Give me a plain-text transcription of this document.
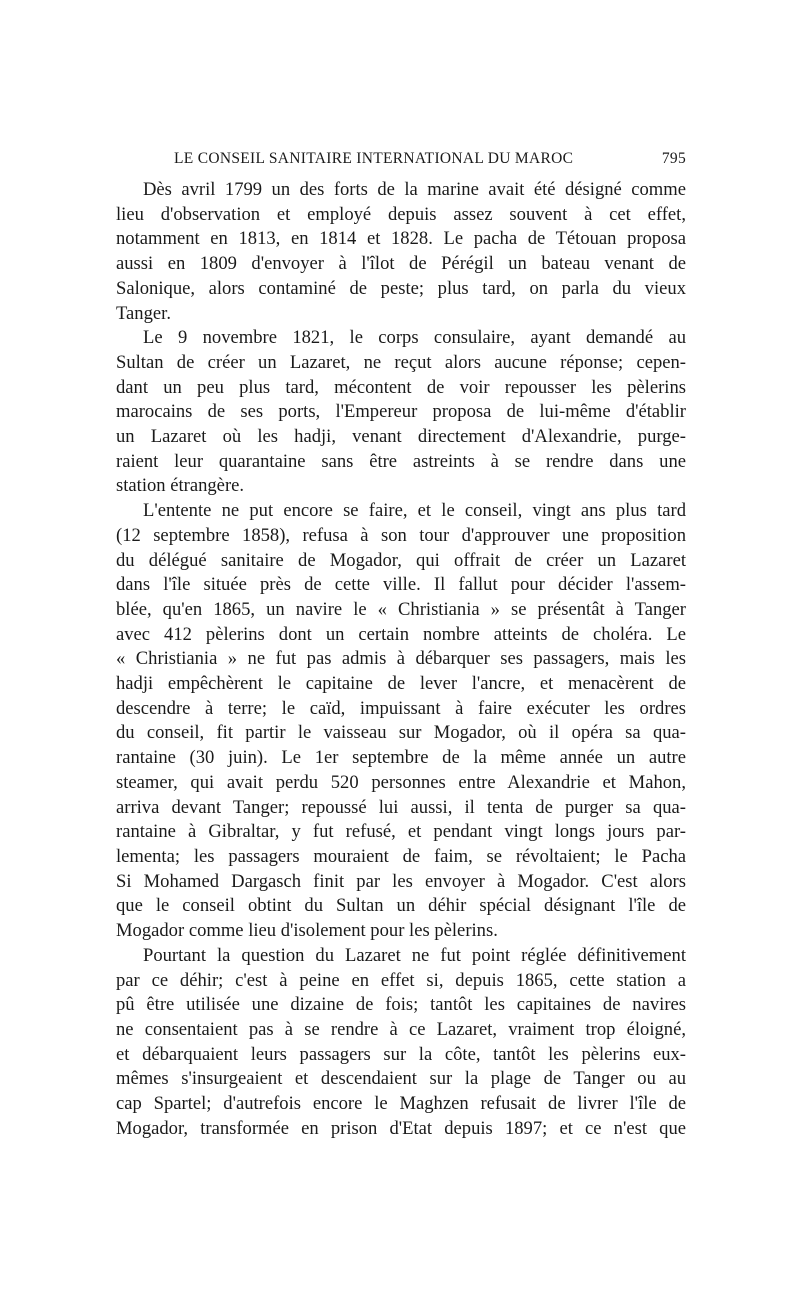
LE CONSEIL SANITAIRE INTERNATIONAL DU MAROC	795

Dès avril 1799 un des forts de la marine avait été désigné comme
lieu d'observation et employé depuis assez souvent à cet effet,
notamment en 1813, en 1814 et 1828. Le pacha de Tétouan proposa
aussi en 1809 d'envoyer à l'îlot de Pérégil un bateau venant de
Salonique, alors contaminé de peste; plus tard, on parla du vieux
Tanger.

Le 9 novembre 1821, le corps consulaire, ayant demandé au
Sultan de créer un Lazaret, ne reçut alors aucune réponse; cepen-
dant un peu plus tard, mécontent de voir repousser les pèlerins
marocains de ses ports, l'Empereur proposa de lui-même d'établir
un Lazaret où les hadji, venant directement d'Alexandrie, purge-
raient leur quarantaine sans être astreints à se rendre dans une
station étrangère.

L'entente ne put encore se faire, et le conseil, vingt ans plus tard
(12 septembre 1858), refusa à son tour d'approuver une proposition
du délégué sanitaire de Mogador, qui offrait de créer un Lazaret
dans l'île située près de cette ville. Il fallut pour décider l'assem-
blée, qu'en 1865, un navire le « Christiania » se présentât à Tanger
avec 412 pèlerins dont un certain nombre atteints de choléra. Le
« Christiania » ne fut pas admis à débarquer ses passagers, mais les
hadji empêchèrent le capitaine de lever l'ancre, et menacèrent de
descendre à terre; le caïd, impuissant à faire exécuter les ordres
du conseil, fit partir le vaisseau sur Mogador, où il opéra sa qua-
rantaine (30 juin). Le 1er septembre de la même année un autre
steamer, qui avait perdu 520 personnes entre Alexandrie et Mahon,
arriva devant Tanger; repoussé lui aussi, il tenta de purger sa qua-
rantaine à Gibraltar, y fut refusé, et pendant vingt longs jours par-
lementa; les passagers mouraient de faim, se révoltaient; le Pacha
Si Mohamed Dargasch finit par les envoyer à Mogador. C'est alors
que le conseil obtint du Sultan un déhir spécial désignant l'île de
Mogador comme lieu d'isolement pour les pèlerins.

Pourtant la question du Lazaret ne fut point réglée définitivement
par ce déhir; c'est à peine en effet si, depuis 1865, cette station a
pû être utilisée une dizaine de fois; tantôt les capitaines de navires
ne consentaient pas à se rendre à ce Lazaret, vraiment trop éloigné,
et débarquaient leurs passagers sur la côte, tantôt les pèlerins eux-
mêmes s'insurgeaient et descendaient sur la plage de Tanger ou au
cap Spartel; d'autrefois encore le Maghzen refusait de livrer l'île de
Mogador, transformée en prison d'Etat depuis 1897; et ce n'est que
